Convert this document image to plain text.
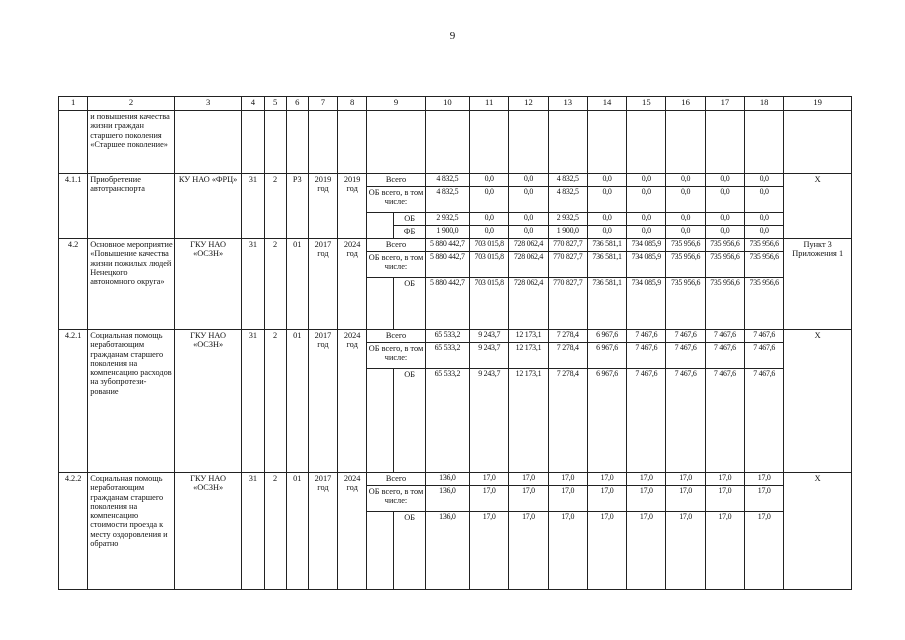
9
1	2	3	4	5	6	7	8	9		10	11	12	13	14	15	16	17	18	19
	и повышения качества жизни граждан старшего поколения «Старшее поколение»																		
4.1.1	Приобретение автотранспорта	КУ НАО «ФРЦ»	31	2	Р3	2019 год	2019 год	Всего		4 832,5	0,0	0,0	4 832,5	0,0	0,0	0,0	0,0	0,0	Х
								ОБ всего, в том числе:		4 832,5	0,0	0,0	4 832,5	0,0	0,0	0,0	0,0	0,0	
									ОБ	2 932,5	0,0	0,0	2 932,5	0,0	0,0	0,0	0,0	0,0	
									ФБ	1 900,0	0,0	0,0	1 900,0	0,0	0,0	0,0	0,0	0,0	
4.2	Основное мероприятие «Повышение качества жизни пожилых людей Ненецкого автономного округа»	ГКУ НАО «ОСЗН»	31	2	01	2017 год	2024 год	Всего		5 880 442,7	703 015,8	728 062,4	770 827,7	736 581,1	734 085,9	735 956,6	735 956,6	735 956,6	Пункт 3 Приложения 1
								ОБ всего, в том числе:		5 880 442,7	703 015,8	728 062,4	770 827,7	736 581,1	734 085,9	735 956,6	735 956,6	735 956,6	
									ОБ	5 880 442,7	703 015,8	728 062,4	770 827,7	736 581,1	734 085,9	735 956,6	735 956,6	735 956,6	
4.2.1	Социальная помощь неработающим гражданам старшего поколения на компенсацию расходов на зубопротези-рование	ГКУ НАО «ОСЗН»	31	2	01	2017 год	2024 год	Всего		65 533,2	9 243,7	12 173,1	7 278,4	6 967,6	7 467,6	7 467,6	7 467,6	7 467,6	Х
								ОБ всего, в том числе:		65 533,2	9 243,7	12 173,1	7 278,4	6 967,6	7 467,6	7 467,6	7 467,6	7 467,6	
									ОБ	65 533,2	9 243,7	12 173,1	7 278,4	6 967,6	7 467,6	7 467,6	7 467,6	7 467,6	
4.2.2	Социальная помощь неработающим гражданам старшего поколения на компенсацию стоимости проезда к месту оздоровления и обратно	ГКУ НАО «ОСЗН»	31	2	01	2017 год	2024 год	Всего		136,0	17,0	17,0	17,0	17,0	17,0	17,0	17,0	17,0	Х
								ОБ всего, в том числе:		136,0	17,0	17,0	17,0	17,0	17,0	17,0	17,0	17,0	
									ОБ	136,0	17,0	17,0	17,0	17,0	17,0	17,0	17,0	17,0	
